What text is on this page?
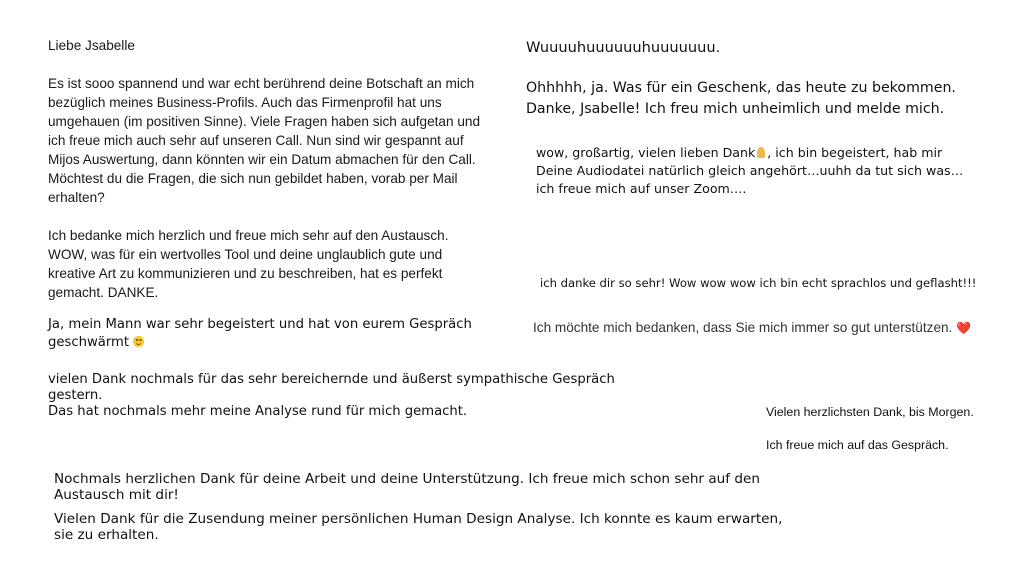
Liebe Jsabelle

Es ist sooo spannend und war echt berührend deine Botschaft an mich
bezüglich meines Business-Profils. Auch das Firmenprofil hat uns
umgehauen (im positiven Sinne). Viele Fragen haben sich aufgetan und
ich freue mich auch sehr auf unseren Call. Nun sind wir gespannt auf
Mijos Auswertung, dann könnten wir ein Datum abmachen für den Call.
Möchtest du die Fragen, die sich nun gebildet haben, vorab per Mail
erhalten?

Ich bedanke mich herzlich und freue mich sehr auf den Austausch.
WOW, was für ein wertvolles Tool und deine unglaublich gute und
kreative Art zu kommunizieren und zu beschreiben, hat es perfekt
gemacht. DANKE.

Ja, mein Mann war sehr begeistert und hat von eurem Gespräch
geschwärmt

vielen Dank nochmals für das sehr bereichernde und äußerst sympathische Gespräch
gestern.
Das hat nochmals mehr meine Analyse rund für mich gemacht.

Wuuuuhuuuuuuhuuuuuuu.

Ohhhhh, ja. Was für ein Geschenk, das heute zu bekommen.
Danke, Jsabelle! Ich freu mich unheimlich und melde mich.

wow, großartig, vielen lieben Dank , ich bin begeistert, hab mir
Deine Audiodatei natürlich gleich angehört…uuhh da tut sich was…
ich freue mich auf unser Zoom….

ich danke dir so sehr! Wow wow wow ich bin echt sprachlos und geflasht!!!

Ich möchte mich bedanken, dass Sie mich immer so gut unterstützen. ❤️

Vielen herzlichsten Dank, bis Morgen.

Ich freue mich auf das Gespräch.

Nochmals herzlichen Dank für deine Arbeit und deine Unterstützung. Ich freue mich schon sehr auf den
Austausch mit dir!

Vielen Dank für die Zusendung meiner persönlichen Human Design Analyse. Ich konnte es kaum erwarten,
sie zu erhalten.
